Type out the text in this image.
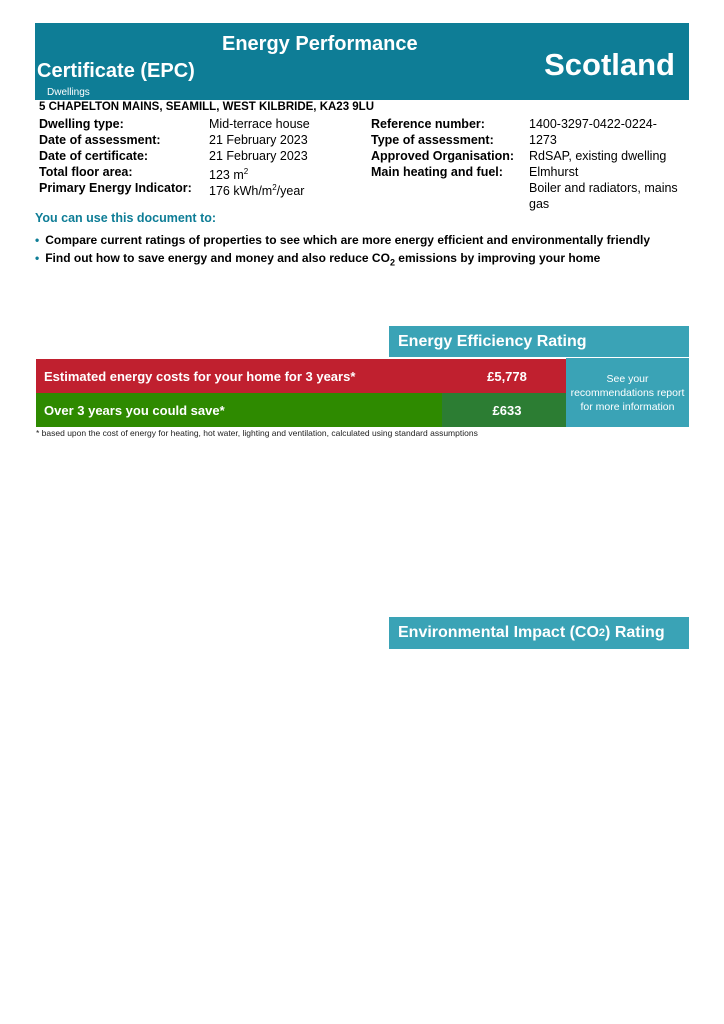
Energy Performance
Certificate (EPC)
Dwellings
Scotland
5 CHAPELTON MAINS, SEAMILL, WEST KILBRIDE, KA23 9LU
Dwelling type:
Date of assessment:
Date of certificate:
Total floor area:
Primary Energy Indicator:
Mid-terrace house
21 February 2023
21 February 2023
123 $m^2$
176 kWh/$m^2$/year
Reference number:
Type of assessment:
Approved Organisation:
Main heating and fuel:
1400-3297-0422-0224-
1273
RdSAP, existing dwelling
Elmhurst
Boiler and radiators, mains gas
You can use this document to:
• Compare current ratings of properties to see which are more energy efficient and environmentally friendly
• Find out how to save energy and money and also reduce $CO_2$ emissions by improving your home
Energy Efficiency Rating
Estimated energy costs for your home for 3 years*	£5,778
Over 3 years you could save*	£633
See your recommendations report for more information
* based upon the cost of energy for heating, hot water, lighting and ventilation, calculated using standard assumptions
Environmental Impact (CO 2 ) Rating
